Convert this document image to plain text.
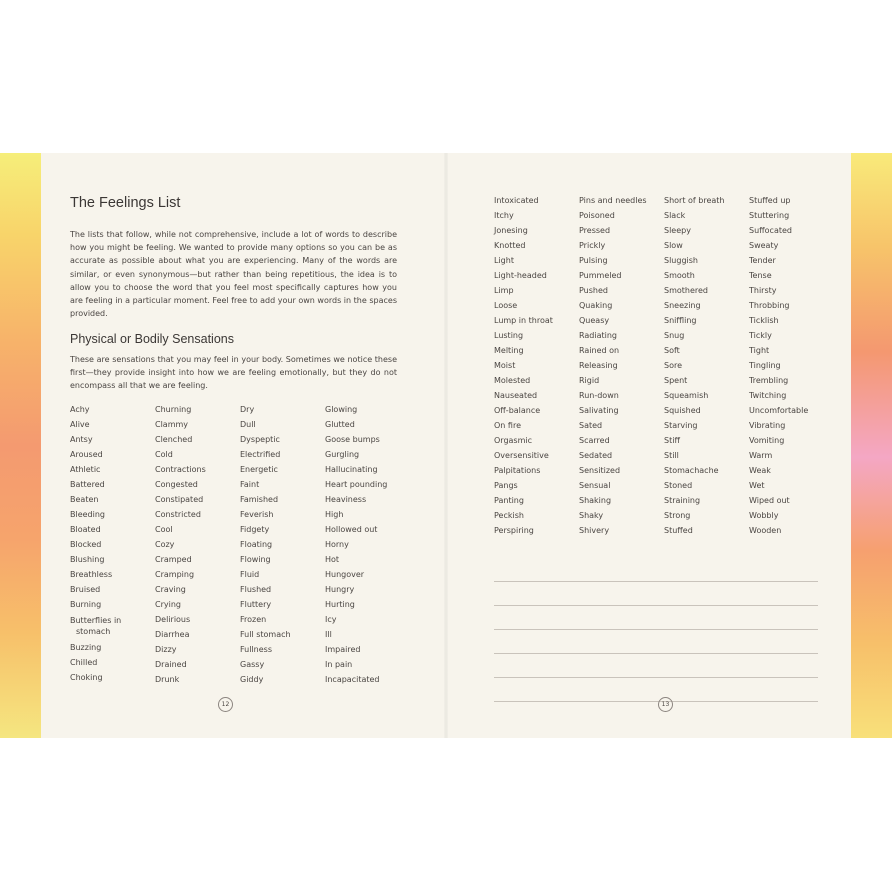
The Feelings List

The lists that follow, while not comprehensive, include a lot of words to describe how you might be feeling. We wanted to provide many options so you can be as accurate as possible about what you are experiencing. Many of the words are similar, or even synonymous—but rather than being repetitious, the idea is to allow you to choose the word that you feel most specifically captures how you are feeling in a particular moment. Feel free to add your own words in the spaces provided.

Physical or Bodily Sensations

These are sensations that you may feel in your body. Sometimes we notice these first—they provide insight into how we are feeling emotionally, but they do not encompass all that we are feeling.

Achy
Alive
Antsy
Aroused
Athletic
Battered
Beaten
Bleeding
Bloated
Blocked
Blushing
Breathless
Bruised
Burning
Butterflies in
stomach
Buzzing
Chilled
Choking
Churning
Clammy
Clenched
Cold
Contractions
Congested
Constipated
Constricted
Cool
Cozy
Cramped
Cramping
Craving
Crying
Delirious
Diarrhea
Dizzy
Drained
Drunk
Dry
Dull
Dyspeptic
Electrified
Energetic
Faint
Famished
Feverish
Fidgety
Floating
Flowing
Fluid
Flushed
Fluttery
Frozen
Full stomach
Fullness
Gassy
Giddy
Glowing
Glutted
Goose bumps
Gurgling
Hallucinating
Heart pounding
Heaviness
High
Hollowed out
Horny
Hot
Hungover
Hungry
Hurting
Icy
Ill
Impaired
In pain
Incapacitated
12
Intoxicated
Itchy
Jonesing
Knotted
Light
Light-headed
Limp
Loose
Lump in throat
Lusting
Melting
Moist
Molested
Nauseated
Off-balance
On fire
Orgasmic
Oversensitive
Palpitations
Pangs
Panting
Peckish
Perspiring
Pins and needles
Poisoned
Pressed
Prickly
Pulsing
Pummeled
Pushed
Quaking
Queasy
Radiating
Rained on
Releasing
Rigid
Run-down
Salivating
Sated
Scarred
Sedated
Sensitized
Sensual
Shaking
Shaky
Shivery
Short of breath
Slack
Sleepy
Slow
Sluggish
Smooth
Smothered
Sneezing
Sniffling
Snug
Soft
Sore
Spent
Squeamish
Squished
Starving
Stiff
Still
Stomachache
Stoned
Straining
Strong
Stuffed
Stuffed up
Stuttering
Suffocated
Sweaty
Tender
Tense
Thirsty
Throbbing
Ticklish
Tickly
Tight
Tingling
Trembling
Twitching
Uncomfortable
Vibrating
Vomiting
Warm
Weak
Wet
Wiped out
Wobbly
Wooden
13
